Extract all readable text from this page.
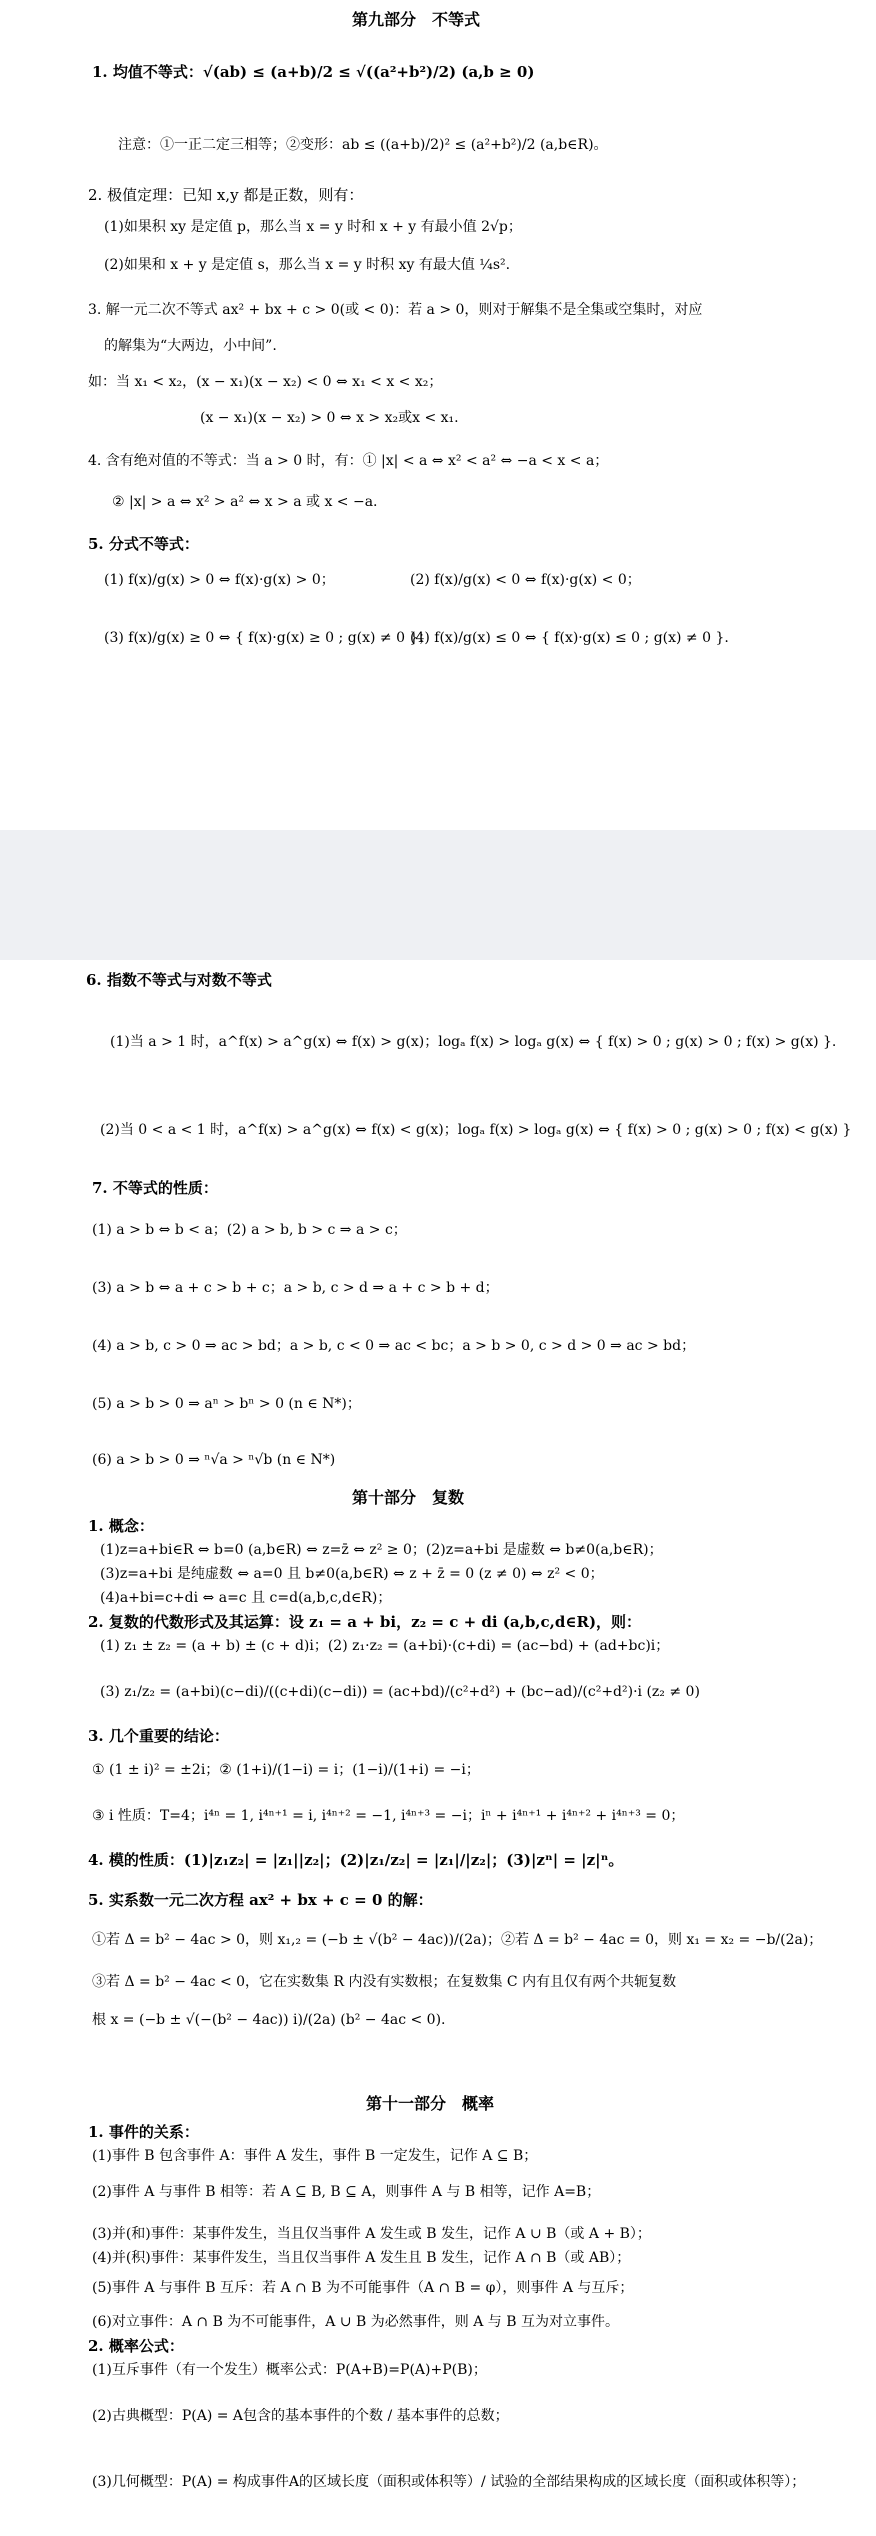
第九部分　不等式
1. 均值不等式：√(ab) ≤ (a+b)/2 ≤ √((a²+b²)/2) (a,b ≥ 0)
注意：①一正二定三相等；②变形：ab ≤ ((a+b)/2)² ≤ (a²+b²)/2 (a,b∈R)。
2. 极值定理：已知 x,y 都是正数，则有：
(1)如果积 xy 是定值 p，那么当 x = y 时和 x + y 有最小值 2√p；
(2)如果和 x + y 是定值 s，那么当 x = y 时积 xy 有最大值 ¼s².
3. 解一元二次不等式 ax² + bx + c > 0(或 < 0)：若 a > 0，则对于解集不是全集或空集时，对应
的解集为“大两边，小中间”.
如：当 x₁ < x₂，(x − x₁)(x − x₂) < 0 ⇔ x₁ < x < x₂；
(x − x₁)(x − x₂) > 0 ⇔ x > x₂或x < x₁.
4. 含有绝对值的不等式：当 a > 0 时，有：① |x| < a ⇔ x² < a² ⇔ −a < x < a；
② |x| > a ⇔ x² > a² ⇔ x > a 或 x < −a.
5. 分式不等式：
(1) f(x)/g(x) > 0 ⇔ f(x)·g(x) > 0；	(2) f(x)/g(x) < 0 ⇔ f(x)·g(x) < 0；
(3) f(x)/g(x) ≥ 0 ⇔ { f(x)·g(x) ≥ 0 ; g(x) ≠ 0 }；
(4) f(x)/g(x) ≤ 0 ⇔ { f(x)·g(x) ≤ 0 ; g(x) ≠ 0 }.
6. 指数不等式与对数不等式
(1)当 a > 1 时，a^f(x) > a^g(x) ⇔ f(x) > g(x)；logₐ f(x) > logₐ g(x) ⇔ { f(x) > 0 ; g(x) > 0 ; f(x) > g(x) }.
(2)当 0 < a < 1 时，a^f(x) > a^g(x) ⇔ f(x) < g(x)；logₐ f(x) > logₐ g(x) ⇔ { f(x) > 0 ; g(x) > 0 ; f(x) < g(x) }
7. 不等式的性质：
(1) a > b ⇔ b < a；(2) a > b, b > c ⇒ a > c；
(3) a > b ⇔ a + c > b + c；a > b, c > d ⇒ a + c > b + d；
(4) a > b, c > 0 ⇒ ac > bd；a > b, c < 0 ⇒ ac < bc；a > b > 0, c > d > 0 ⇒ ac > bd；
(5) a > b > 0 ⇒ aⁿ > bⁿ > 0 (n ∈ N*)；
(6) a > b > 0 ⇒ ⁿ√a > ⁿ√b (n ∈ N*)
第十部分　复数
1. 概念：
(1)z=a+bi∈R ⇔ b=0 (a,b∈R) ⇔ z=z̄ ⇔ z² ≥ 0；(2)z=a+bi 是虚数 ⇔ b≠0(a,b∈R)；
(3)z=a+bi 是纯虚数 ⇔ a=0 且 b≠0(a,b∈R) ⇔ z + z̄ = 0 (z ≠ 0) ⇔ z² < 0；
(4)a+bi=c+di ⇔ a=c 且 c=d(a,b,c,d∈R)；
2. 复数的代数形式及其运算：设 z₁ = a + bi，z₂ = c + di (a,b,c,d∈R)，则：
(1) z₁ ± z₂ = (a + b) ± (c + d)i；(2) z₁·z₂ = (a+bi)·(c+di) = (ac−bd) + (ad+bc)i；
(3) z₁/z₂ = (a+bi)(c−di)/((c+di)(c−di)) = (ac+bd)/(c²+d²) + (bc−ad)/(c²+d²)·i (z₂ ≠ 0)
3. 几个重要的结论：
① (1 ± i)² = ±2i；② (1+i)/(1−i) = i；(1−i)/(1+i) = −i；
③ i 性质：T=4；i⁴ⁿ = 1, i⁴ⁿ⁺¹ = i, i⁴ⁿ⁺² = −1, i⁴ⁿ⁺³ = −i；iⁿ + i⁴ⁿ⁺¹ + i⁴ⁿ⁺² + i⁴ⁿ⁺³ = 0；
4. 模的性质：(1)|z₁z₂| = |z₁||z₂|；(2)|z₁/z₂| = |z₁|/|z₂|；(3)|zⁿ| = |z|ⁿ。
5. 实系数一元二次方程 ax² + bx + c = 0 的解：
①若 Δ = b² − 4ac > 0，则 x₁,₂ = (−b ± √(b² − 4ac))/(2a)；②若 Δ = b² − 4ac = 0，则 x₁ = x₂ = −b/(2a)；
③若 Δ = b² − 4ac < 0，它在实数集 R 内没有实数根；在复数集 C 内有且仅有两个共轭复数
根 x = (−b ± √(−(b² − 4ac)) i)/(2a) (b² − 4ac < 0).
第十一部分　概率
1. 事件的关系：
(1)事件 B 包含事件 A：事件 A 发生，事件 B 一定发生，记作 A ⊆ B；
(2)事件 A 与事件 B 相等：若 A ⊆ B, B ⊆ A，则事件 A 与 B 相等，记作 A=B；
(3)并(和)事件：某事件发生，当且仅当事件 A 发生或 B 发生，记作 A ∪ B（或 A + B）；
(4)并(积)事件：某事件发生，当且仅当事件 A 发生且 B 发生，记作 A ∩ B（或 AB）；
(5)事件 A 与事件 B 互斥：若 A ∩ B 为不可能事件（A ∩ B = φ），则事件 A 与互斥；
(6)对立事件：A ∩ B 为不可能事件，A ∪ B 为必然事件，则 A 与 B 互为对立事件。
2. 概率公式：
(1)互斥事件（有一个发生）概率公式：P(A+B)=P(A)+P(B)；
(2)古典概型：P(A) = A包含的基本事件的个数 / 基本事件的总数；
(3)几何概型：P(A) = 构成事件A的区域长度（面积或体积等）/ 试验的全部结果构成的区域长度（面积或体积等）；
